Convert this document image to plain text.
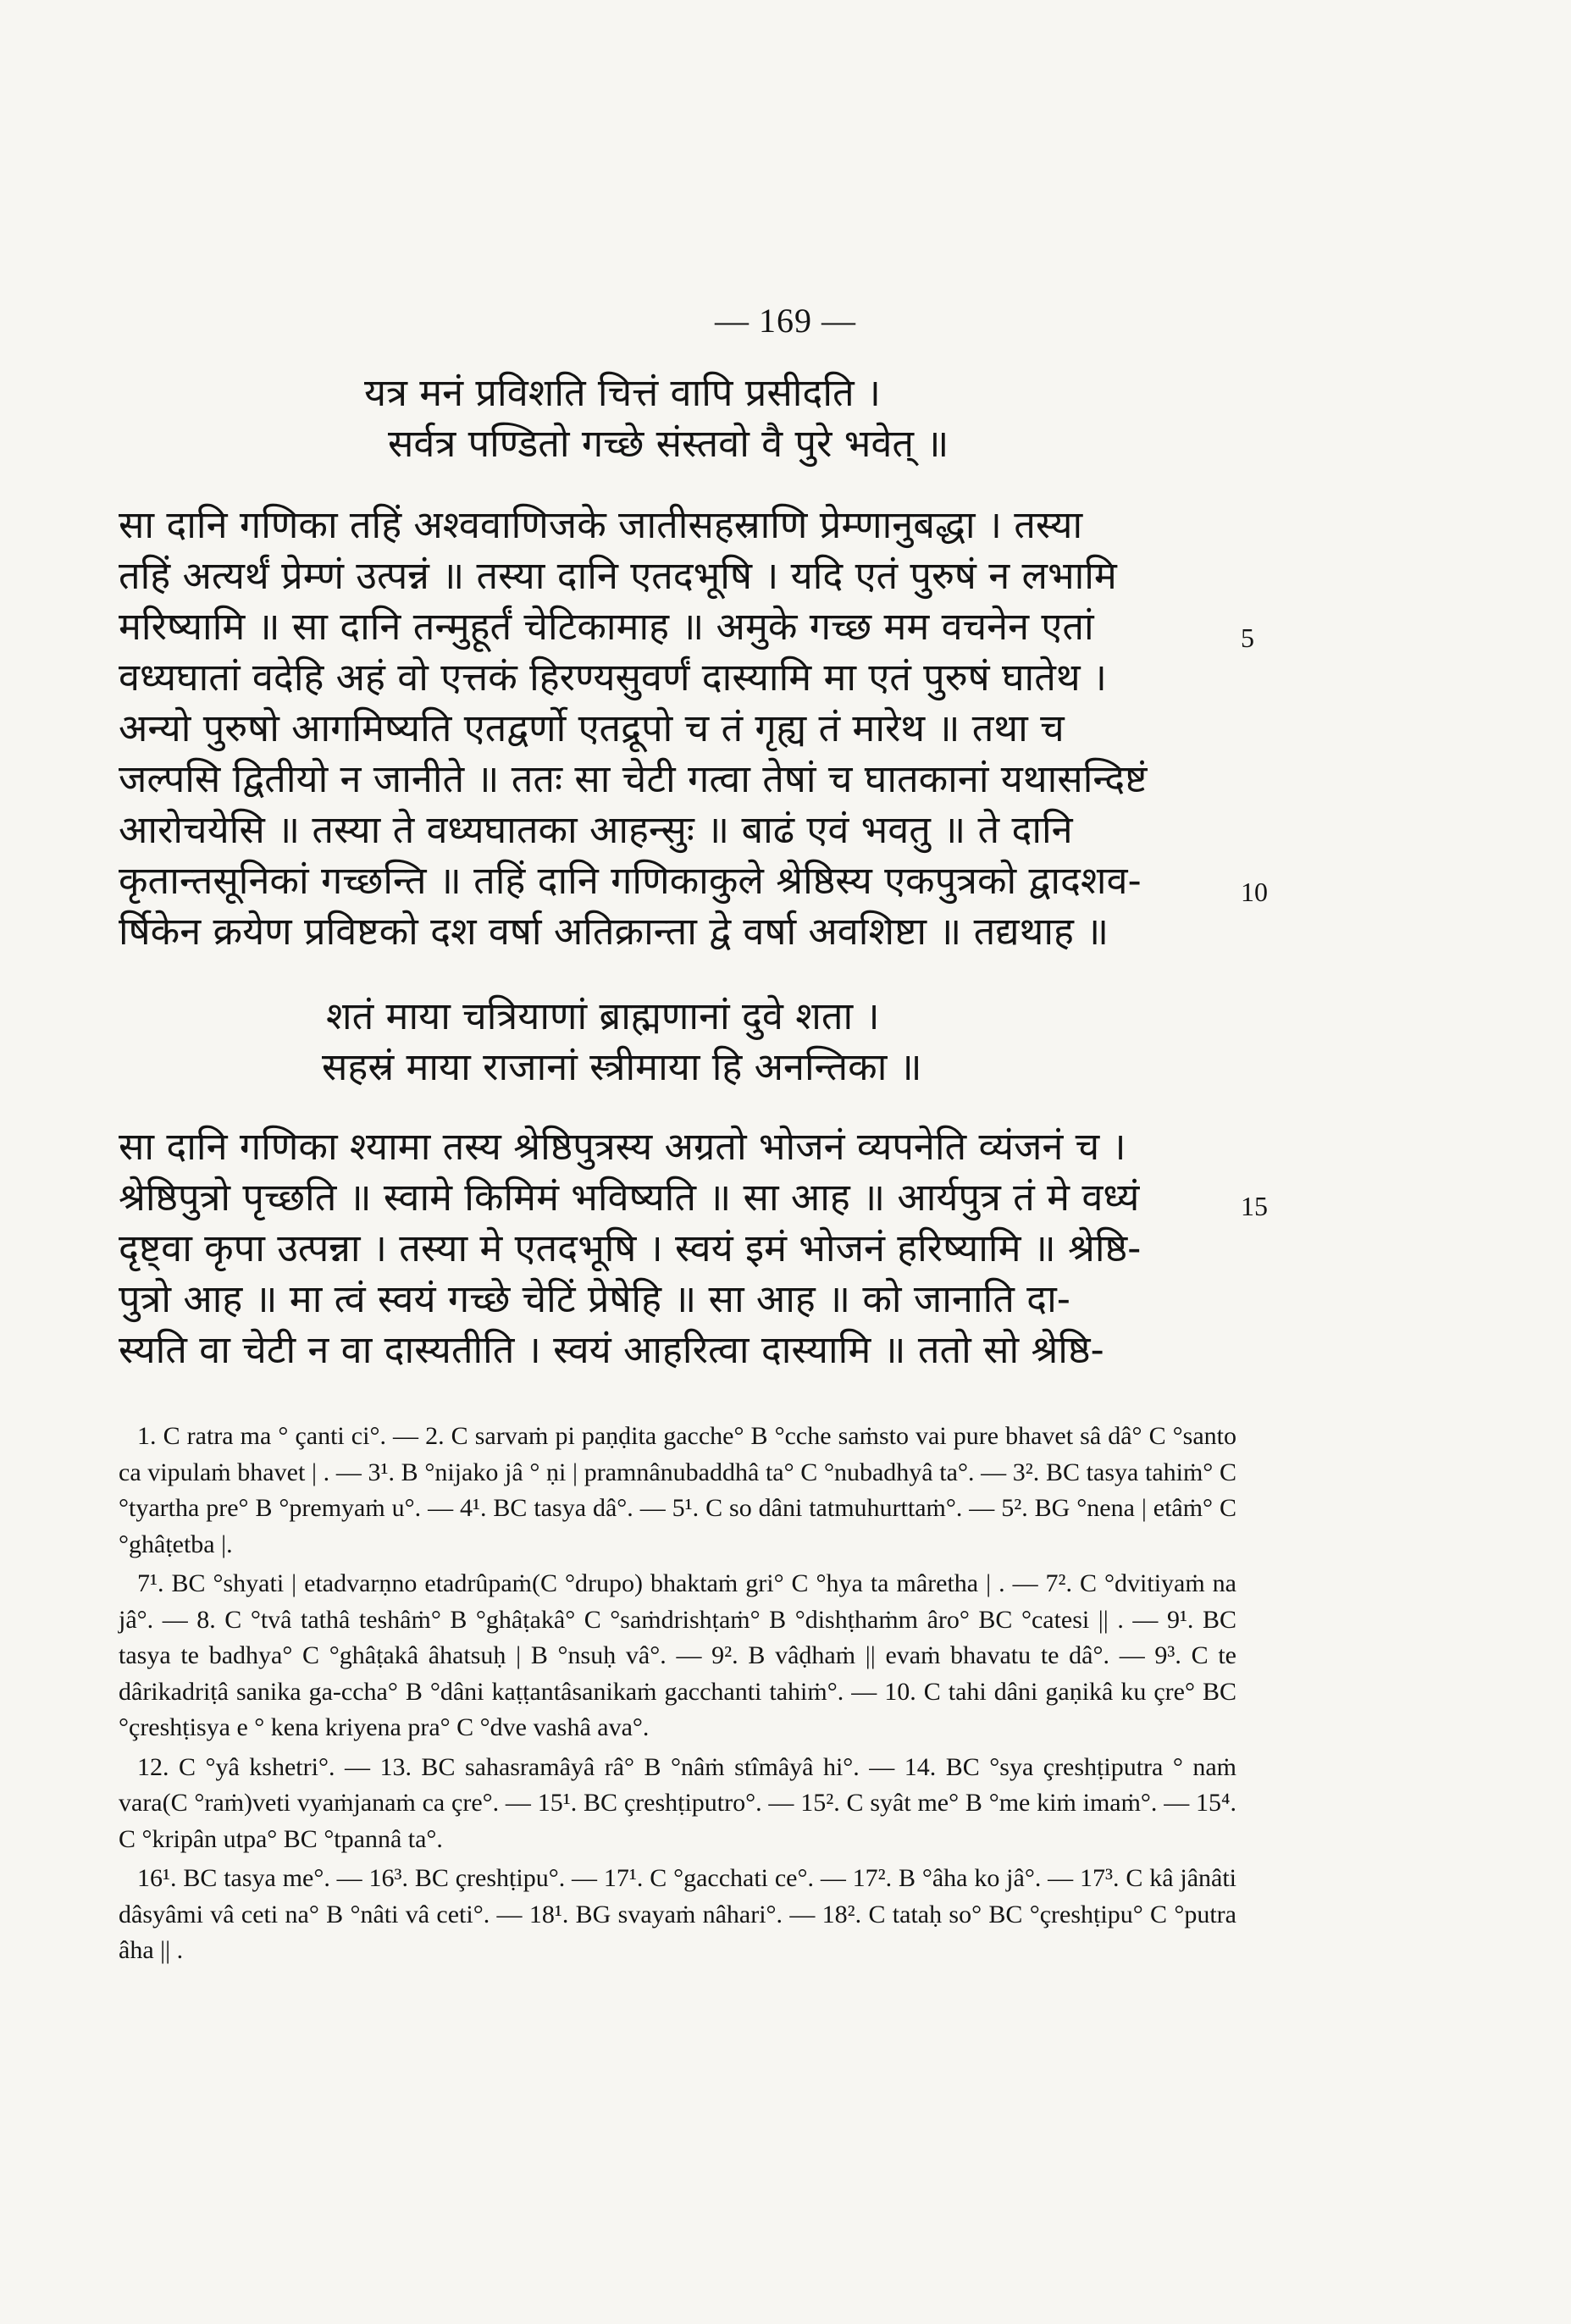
— 169 —
यत्र मनं प्रविशति चित्तं वापि प्रसीदति ।
सर्वत्र पण्डितो गच्छे संस्तवो वै पुरे भवेत् ॥
सा दानि गणिका तहिं अश्ववाणिजके जातीसहस्राणि प्रेम्णानुबद्धा । तस्या
तहिं अत्यर्थं प्रेम्णं उत्पन्नं ॥ तस्या दानि एतदभूषि । यदि एतं पुरुषं न लभामि
मरिष्यामि ॥ सा दानि तन्मुहूर्तं चेटिकामाह ॥ अमुके गच्छ मम वचनेन एतां
वध्यघातां वदेहि अहं वो एत्तकं हिरण्यसुवर्णं दास्यामि मा एतं पुरुषं घातेथ ।
अन्यो पुरुषो आगमिष्यति एतद्वर्णो एतद्रूपो च तं गृह्य तं मारेथ ॥ तथा च
जल्पसि द्वितीयो न जानीते ॥ ततः सा चेटी गत्वा तेषां च घातकानां यथासन्दिष्टं
आरोचयेसि ॥ तस्या ते वध्यघातका आहन्सुः ॥ बाढं एवं भवतु ॥ ते दानि
कृतान्तसूनिकां गच्छन्ति ॥ तहिं दानि गणिकाकुले श्रेष्ठिस्य एकपुत्रको द्वादशव-
र्षिकेन क्रयेण प्रविष्टको दश वर्षा अतिक्रान्ता द्वे वर्षा अवशिष्टा ॥ तद्यथाह ॥
5
10
शतं माया चत्रियाणां ब्राह्मणानां दुवे शता ।
सहस्रं माया राजानां स्त्रीमाया हि अनन्तिका ॥
सा दानि गणिका श्यामा तस्य श्रेष्ठिपुत्रस्य अग्रतो भोजनं व्यपनेति व्यंजनं च ।
श्रेष्ठिपुत्रो पृच्छति ॥ स्वामे किमिमं भविष्यति ॥ सा आह ॥ आर्यपुत्र तं मे वध्यं
दृष्ट्वा कृपा उत्पन्ना । तस्या मे एतदभूषि । स्वयं इमं भोजनं हरिष्यामि ॥ श्रेष्ठि-
पुत्रो आह ॥ मा त्वं स्वयं गच्छे चेटिं प्रेषेहि ॥ सा आह ॥ को जानाति दा-
स्यति वा चेटी न वा दास्यतीति । स्वयं आहरित्वा दास्यामि ॥ ततो सो श्रेष्ठि-
15

1. C ratra ma ° çanti ci°. — 2. C sarvaṁ pi paṇḍita gacche° B °cche saṁsto vai pure bhavet sâ dâ° C °santo ca vipulaṁ bhavet | . — 3¹. B °nijako jâ ° ṇi | pramnânubaddhâ ta° C °nubadhyâ ta°. — 3². BC tasya tahiṁ° C °tyartha pre° B °premyaṁ u°. — 4¹. BC tasya dâ°. — 5¹. C so dâni tatmuhurttaṁ°. — 5². BG °nena | etâṁ° C °ghâṭetba |.

7¹. BC °shyati | etadvarṇno etadrûpaṁ(C °drupo) bhaktaṁ gri° C °hya ta mâretha | . — 7². C °dvitiyaṁ na jâ°. — 8. C °tvâ tathâ teshâṁ° B °ghâṭakâ° C °saṁdrishṭaṁ° B °dishṭhaṁm âro° BC °catesi || . — 9¹. BC tasya te badhya° C °ghâṭakâ âhatsuḥ | B °nsuḥ vâ°. — 9². B vâḍhaṁ || evaṁ bhavatu te dâ°. — 9³. C te dârikadriṭâ sanika ga-ccha° B °dâni kaṭṭantâsanikaṁ gacchanti tahiṁ°. — 10. C tahi dâni gaṇikâ ku çre° BC °çreshṭisya e ° kena kriyena pra° C °dve vashâ ava°.

12. C °yâ kshetri°. — 13. BC sahasramâyâ râ° B °nâṁ stîmâyâ hi°. — 14. BC °sya çreshṭiputra ° naṁ vara(C °raṁ)veti vyaṁjanaṁ ca çre°. — 15¹. BC çreshṭiputro°. — 15². C syât me° B °me kiṁ imaṁ°. — 15⁴. C °kripân utpa° BC °tpannâ ta°.

16¹. BC tasya me°. — 16³. BC çreshṭipu°. — 17¹. C °gacchati ce°. — 17². B °âha ko jâ°. — 17³. C kâ jânâti dâsyâmi vâ ceti na° B °nâti vâ ceti°. — 18¹. BG svayaṁ nâhari°. — 18². C tataḥ so° BC °çreshṭipu° C °putra âha || .
